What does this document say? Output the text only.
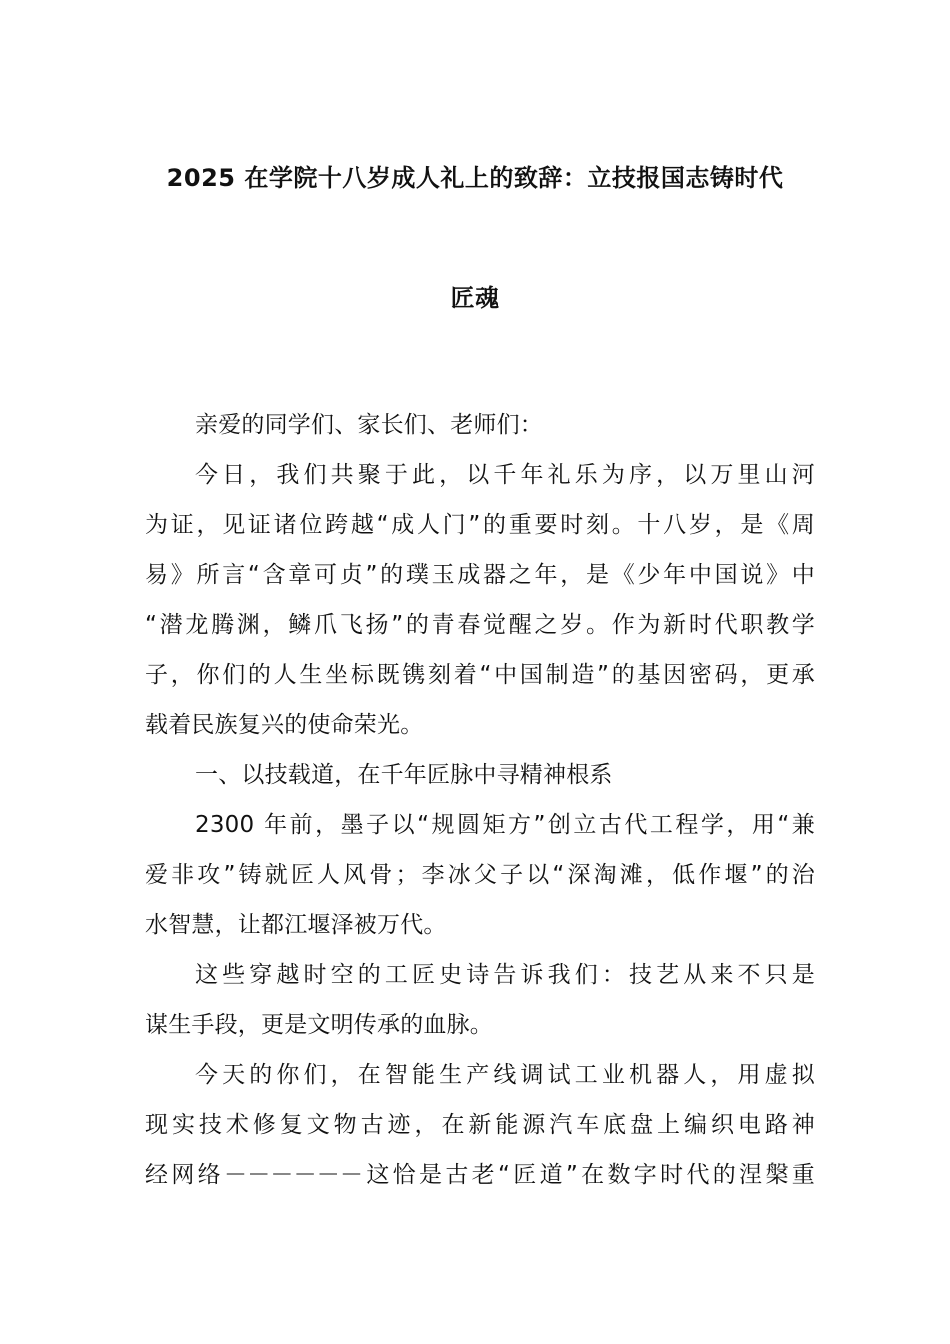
2025 在学院十八岁成人礼上的致辞：立技报国志铸时代
匠魂
亲爱的同学们、家长们、老师们：
今日，我们共聚于此，以千年礼乐为序，以万里山河
为证，见证诸位跨越“成人门”的重要时刻。十八岁，是《周
易》所言“含章可贞”的璞玉成器之年，是《少年中国说》中
“潜龙腾渊，鳞爪飞扬”的青春觉醒之岁。作为新时代职教学
子，你们的人生坐标既镌刻着“中国制造”的基因密码，更承
载着民族复兴的使命荣光。
一、以技载道，在千年匠脉中寻精神根系
2300 年前，墨子以“规圆矩方”创立古代工程学，用“兼
爱非攻”铸就匠人风骨；李冰父子以“深淘滩，低作堰”的治
水智慧，让都江堰泽被万代。
这些穿越时空的工匠史诗告诉我们：技艺从来不只是
谋生手段，更是文明传承的血脉。
今天的你们，在智能生产线调试工业机器人，用虚拟
现实技术修复文物古迹，在新能源汽车底盘上编织电路神
经网络－－－－－－这恰是古老“匠道”在数字时代的涅槃重
